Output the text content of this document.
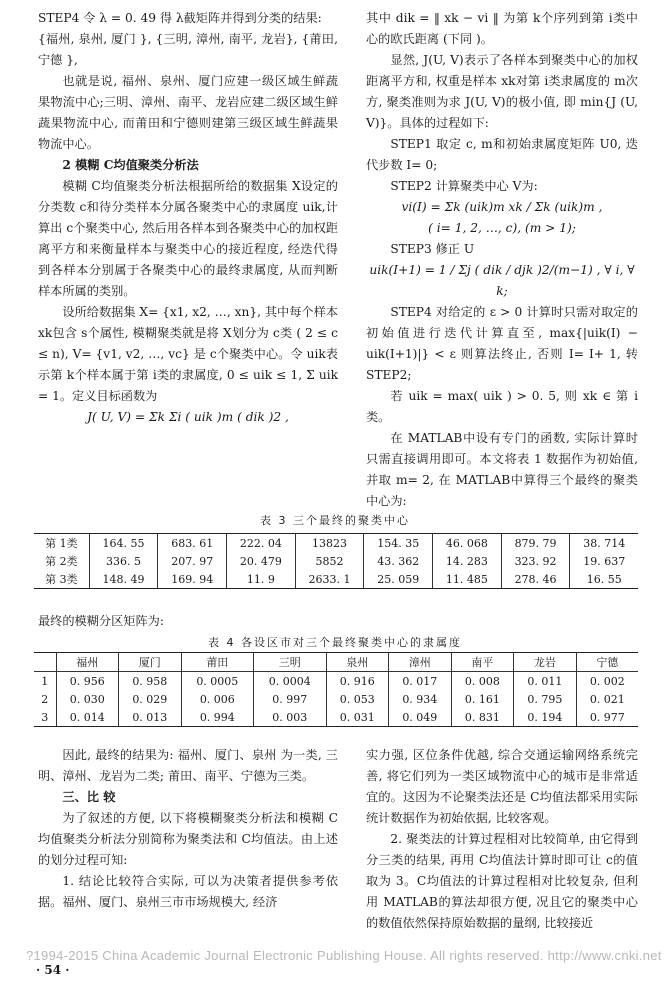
STEP4 令 λ = 0. 49 得 λ截矩阵并得到分类的结果:

{福州, 泉州, 厦门 }, {三明, 漳州, 南平, 龙岩}, {莆田, 宁德 },

也就是说, 福州、泉州、厦门应建一级区域生鲜蔬果物流中心;三明、漳州、南平、龙岩应建二级区域生鲜蔬果物流中心, 而莆田和宁德则建第三级区域生鲜蔬果物流中心。

2 模糊 C均值聚类分析法

模糊 C均值聚类分析法根据所给的数据集 X设定的分类数 c和待分类样本分属各聚类中心的隶属度 uik,计算出 c个聚类中心, 然后用各样本到各聚类中心的加权距离平方和来衡量样本与聚类中心的接近程度, 经迭代得到各样本分别属于各聚类中心的最终隶属度, 从而判断样本所属的类别。

设所给数据集 X= {x1, x2, …, xn}, 其中每个样本 xk包含 s个属性, 模糊聚类就是将 X划分为 c类 ( 2 ≤ c ≤ n), V= {v1, v2, …, vc} 是 c个聚类中心。令 uik表示第 k个样本属于第 i类的隶属度, 0 ≤ uik ≤ 1, Σ uik = 1。定义目标函数为

J( U, V) = Σk Σi ( uik )m ( dik )2 ,

其中 dik = ‖ xk − vi ‖ 为第 k个序列到第 i类中心的欧氏距离 (下同 )。

显然, J(U, V)表示了各样本到聚类中心的加权距离平方和, 权重是样本 xk对第 i类隶属度的 m次方, 聚类准则为求 J(U, V)的极小值, 即 min{J (U, V)}。具体的过程如下:

STEP1 取定 c, m和初始隶属度矩阵 U0, 迭代步数 I= 0;

STEP2 计算聚类中心 V为:

vi(I) = Σk (uik)m xk / Σk (uik)m ,

( i= 1, 2, …, c), (m > 1);

STEP3 修正 U

uik(I+1) = 1 / Σj ( dik / djk )2/(m−1) , ∀ i, ∀ k;

STEP4 对给定的 ε > 0 计算时只需对取定的初始值进行迭代计算直至, max{|uik(I) − uik(I+1)|} < ε 则算法终止, 否则 I= I+ 1, 转 STEP2;

若 uik = max( uik ) > 0. 5, 则 xk ∈ 第 i类。

在 MATLAB中设有专门的函数, 实际计算时只需直接调用即可。本文将表 1 数据作为初始值, 并取 m= 2, 在 MATLAB中算得三个最终的聚类中心为:

表 3 三个最终的聚类中心
第 1类	164. 55	683. 61	222. 04	13823	154. 35	46. 068	879. 79	38. 714
第 2类	336. 5	207. 97	20. 479	5852	43. 362	14. 283	323. 92	19. 637
第 3类	148. 49	169. 94	11. 9	2633. 1	25. 059	11. 485	278. 46	16. 55
最终的模糊分区矩阵为:
表 4 各设区市对三个最终聚类中心的隶属度
	福州	厦门	莆田	三明	泉州	漳州	南平	龙岩	宁德
1	0. 956	0. 958	0. 0005	0. 0004	0. 916	0. 017	0. 008	0. 011	0. 002
2	0. 030	0. 029	0. 006	0. 997	0. 053	0. 934	0. 161	0. 795	0. 021
3	0. 014	0. 013	0. 994	0. 003	0. 031	0. 049	0. 831	0. 194	0. 977

因此, 最终的结果为: 福州、厦门、泉州 为一类, 三明、漳州、龙岩为二类; 莆田、南平、宁德为三类。

三、比 较

为了叙述的方便, 以下将模糊聚类分析法和模糊 C均值聚类分析法分别简称为聚类法和 C均值法。由上述的划分过程可知:

1. 结论比较符合实际, 可以为决策者提供参考依据。福州、厦门、泉州三市市场规模大, 经济

实力强, 区位条件优越, 综合交通运输网络系统完善, 将它们列为一类区域物流中心的城市是非常适宜的。这因为不论聚类法还是 C均值法都采用实际统计数据作为初始依据, 比较客观。

2. 聚类法的计算过程相对比较简单, 由它得到分三类的结果, 再用 C均值法计算时即可让 c的值取为 3。C均值法的计算过程相对比较复杂, 但利用 MATLAB的算法却很方便, 况且它的聚类中心的数值依然保持原始数据的量纲, 比较接近

?1994-2015 China Academic Journal Electronic Publishing House. All rights reserved. http://www.cnki.net
· 54 ·
